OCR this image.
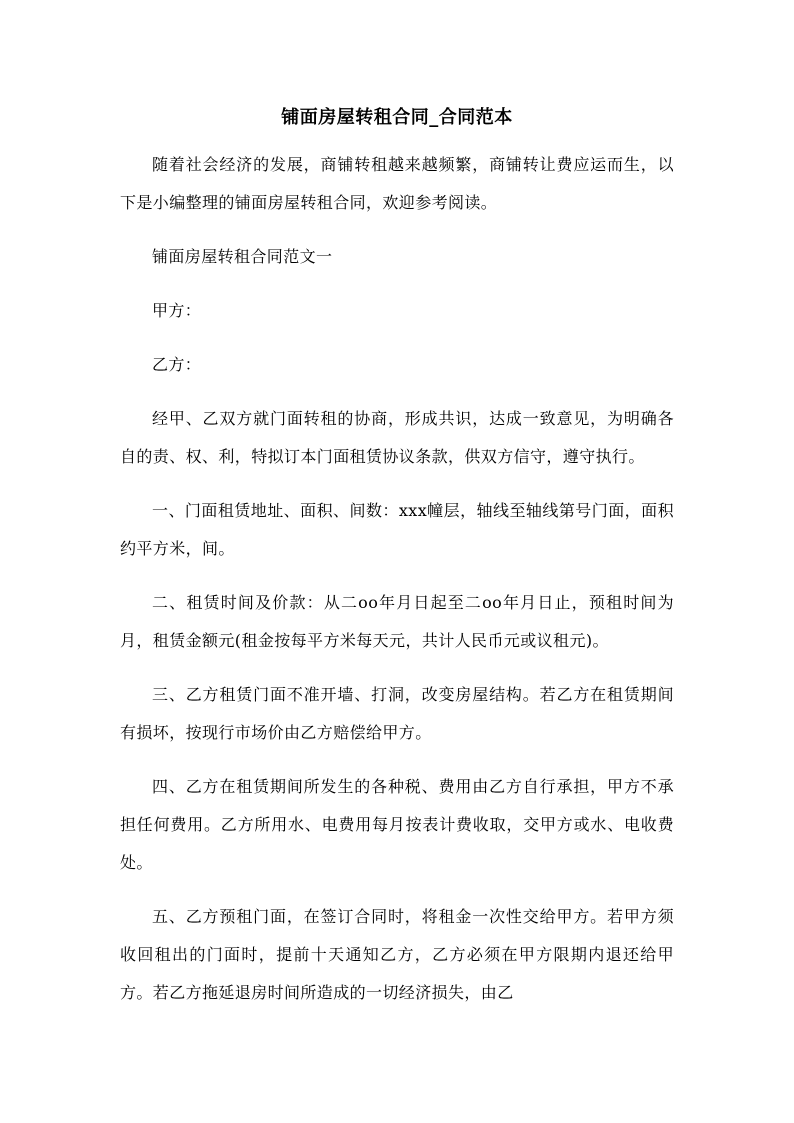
铺面房屋转租合同_合同范本

随着社会经济的发展，商铺转租越来越频繁，商铺转让费应运而生，以下是小编整理的铺面房屋转租合同，欢迎参考阅读。

铺面房屋转租合同范文一

甲方：

乙方：

经甲、乙双方就门面转租的协商，形成共识，达成一致意见，为明确各自的责、权、利，特拟订本门面租赁协议条款，供双方信守，遵守执行。

一、门面租赁地址、面积、间数：xxx幢层，轴线至轴线第号门面，面积约平方米，间。

二、租赁时间及价款：从二oo年月日起至二oo年月日止，预租时间为月，租赁金额元(租金按每平方米每天元，共计人民币元或议租元)。

三、乙方租赁门面不准开墙、打洞，改变房屋结构。若乙方在租赁期间有损坏，按现行市场价由乙方赔偿给甲方。

四、乙方在租赁期间所发生的各种税、费用由乙方自行承担，甲方不承担任何费用。乙方所用水、电费用每月按表计费收取，交甲方或水、电收费处。

五、乙方预租门面，在签订合同时，将租金一次性交给甲方。若甲方须收回租出的门面时，提前十天通知乙方，乙方必须在甲方限期内退还给甲方。若乙方拖延退房时间所造成的一切经济损失，由乙
